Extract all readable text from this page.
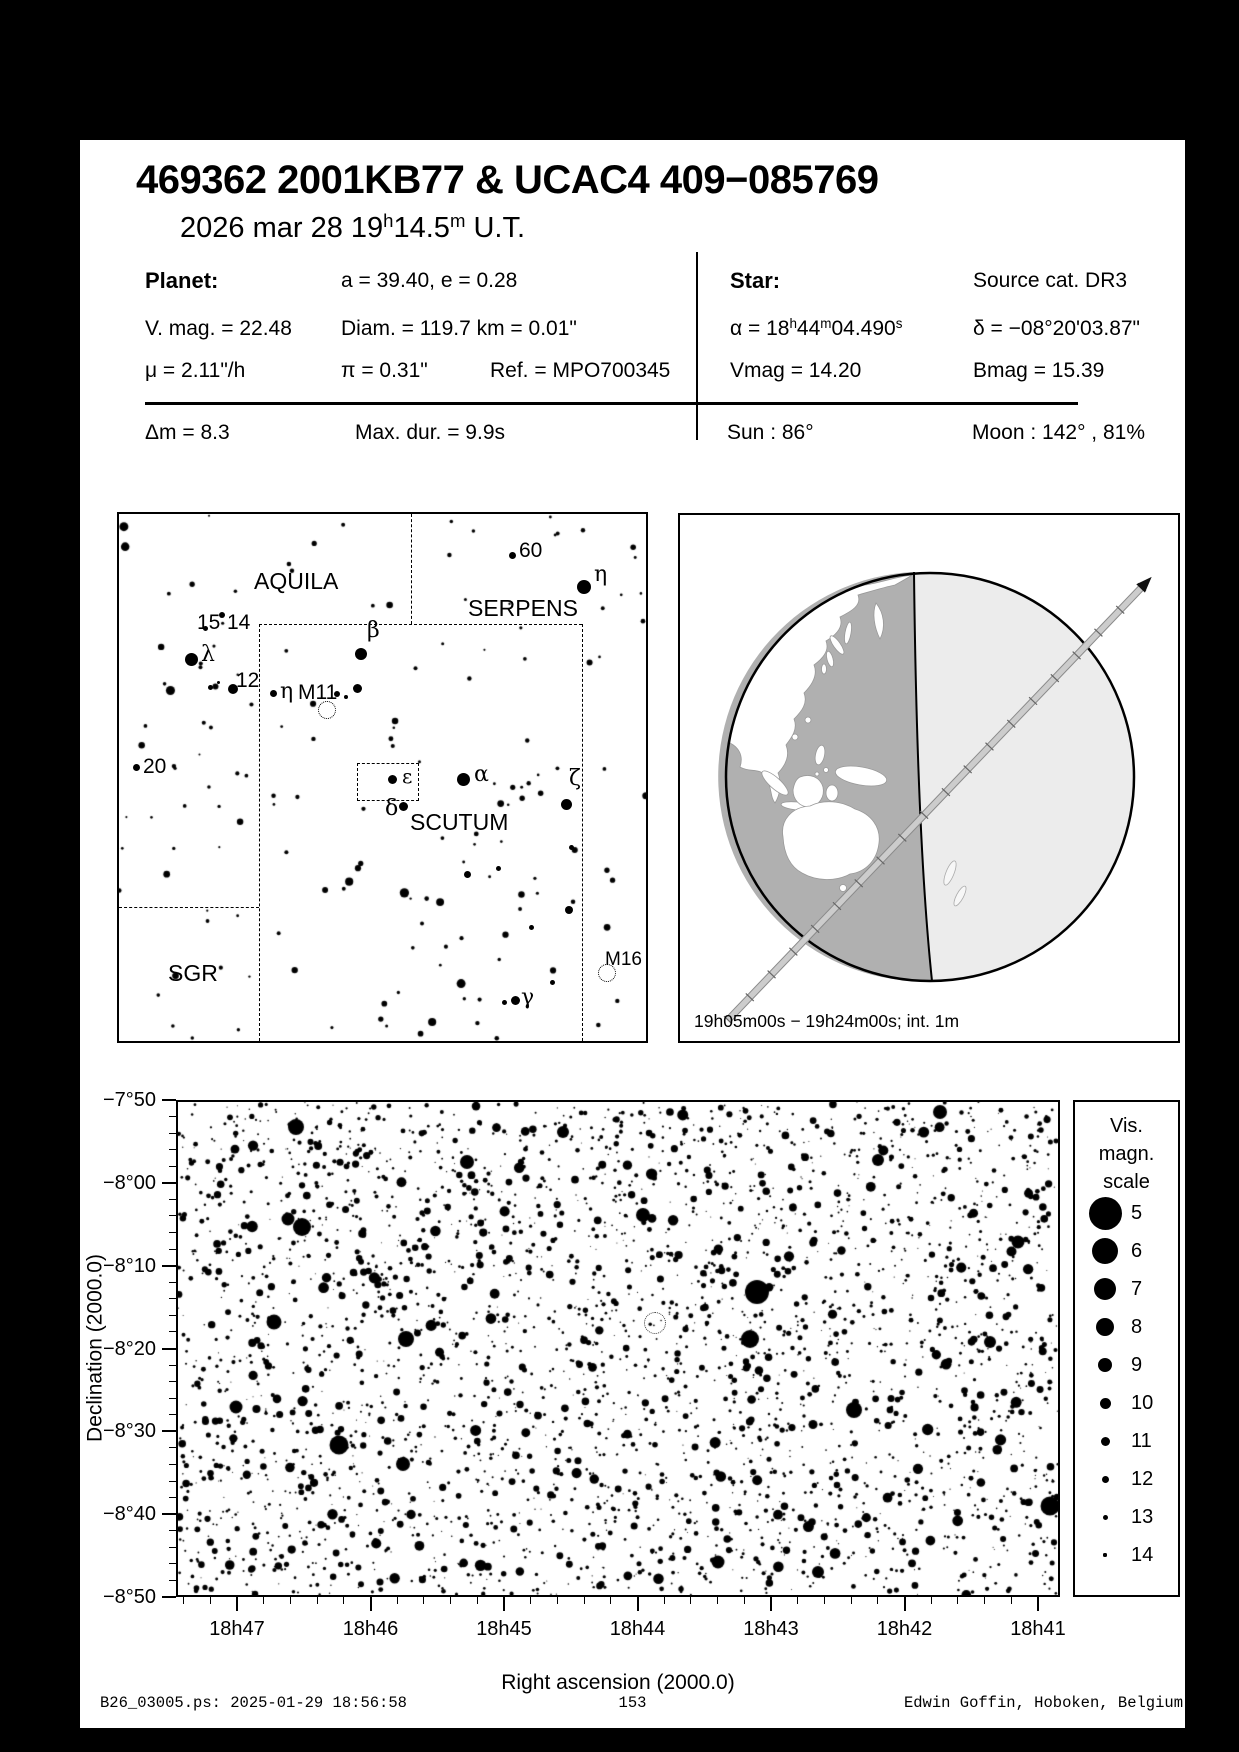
469362 2001KB77 & UCAC4 409−085769
2026 mar 28 19$^h$14.5$^m$ U.T.
Planet:	a = 39.40, e = 0.28	Star:	Source cat. DR3
V. mag. = 22.48 Diam. = 119.7 km = 0.01"	$\alpha = 18^h44^m04.490^s$	δ = −08°20'03.87"
μ = 2.11"/h	π = 0.31"	Ref. = MPO700345	Vmag = 14.20	Bmag = 15.39
Δm = 8.3	Max. dur. = 9.9s	Sun : 86°	Moon : 142° , 81%
AQUILA
SERPENS
SCUTUM
SGR
60
η
15 14
λ
12 η M11
20
β
ε	α
δ
ζ
M16
γ
19h05m00s − 19h24m00s; int. 1m
Declination (2000.0)
Right ascension (2000.0)
−7°50
−8°00
−8°10
−8°20
−8°30
−8°40
−8°50
18h47	18h46	18h45	18h44	18h43	18h42	18h41
Vis.
magn.
scale
5
6
7
8
9
10
11
12
13
14
B26_03005.ps: 2025-01-29 18:56:58	153	Edwin Goffin, Hoboken, Belgium
